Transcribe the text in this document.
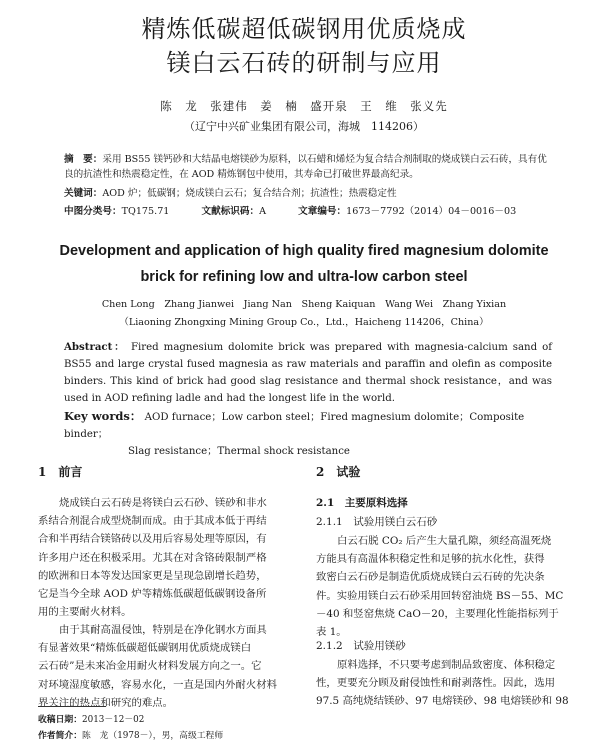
精炼低碳超低碳钢用优质烧成
镁白云石砖的研制与应用
陈　龙　张建伟　姜　楠　盛开泉　王　维　张义先
（辽宁中兴矿业集团有限公司，海城　114206）
摘　要：采用 BS55 镁钙砂和大结晶电熔镁砂为原料，以石蜡和烯烃为复合结合剂制取的烧成镁白云石砖，具有优
良的抗渣性和热震稳定性，在 AOD 精炼钢包中使用，其寿命已打破世界最高纪录。
关键词：AOD 炉；低碳钢；烧成镁白云石；复合结合剂；抗渣性；热震稳定性
中图分类号：TQ175.71	文献标识码：A	文章编号：1673－7792（2014）04－0016－03
Development and application of high quality fired magnesium dolomite
brick for refining low and ultra-low carbon steel
Chen Long　Zhang Jianwei　Jiang Nan　Sheng Kaiquan　Wang Wei　Zhang Yixian
（Liaoning Zhongxing Mining Group Co.，Ltd.，Haicheng 114206，China）
Abstract： Fired magnesium dolomite brick was prepared with magnesia-calcium sand of BS55 and large crystal fused magnesia as raw materials and paraffin and olefin as composite binders. This kind of brick had good slag resistance and thermal shock resistance，and was used in AOD refining ladle and had the longest life in the world.
Key words： AOD furnace；Low carbon steel；Fired magnesium dolomite；Composite binder；
Slag resistance；Thermal shock resistance
1　前言
烧成镁白云石砖是将镁白云石砂、镁砂和非水
系结合剂混合成型烧制而成。由于其成本低于再结
合和半再结合镁铬砖以及用后容易处理等原因，有
许多用户还在积极采用。尤其在对含铬砖限制严格
的欧洲和日本等发达国家更是呈现急剧增长趋势，
它是当今全球 AOD 炉等精炼低碳超低碳钢设备所
用的主要耐火材料。
由于其耐高温侵蚀，特别是在净化钢水方面具
有显著效果“精炼低碳超低碳钢用优质烧成镁白
云石砖”是未来冶金用耐火材料发展方向之一。它
对环境湿度敏感，容易水化，一直是国内外耐火材料
界关注的热点和研究的难点。
收稿日期：2013－12－02
作者简介：陈　龙（1978－），男，高级工程师
2　试验
2.1　主要原料选择
2.1.1　试验用镁白云石砂
白云石脱 CO₂ 后产生大量孔隙，须经高温死烧
方能具有高温体积稳定性和足够的抗水化性，获得
致密白云石砂是制造优质烧成镁白云石砖的先决条
件。实验用镁白云石砂采用回转窑油烧 BS－55、MC
－40 和竖窑焦烧 CaO－20，主要理化性能指标列于
表 1。
2.1.2　试验用镁砂
原料选择，不只要考虑到制品致密度、体积稳定
性，更要充分顾及耐侵蚀性和耐剥落性。因此，选用
97.5 高纯烧结镁砂、97 电熔镁砂、98 电熔镁砂和 98
